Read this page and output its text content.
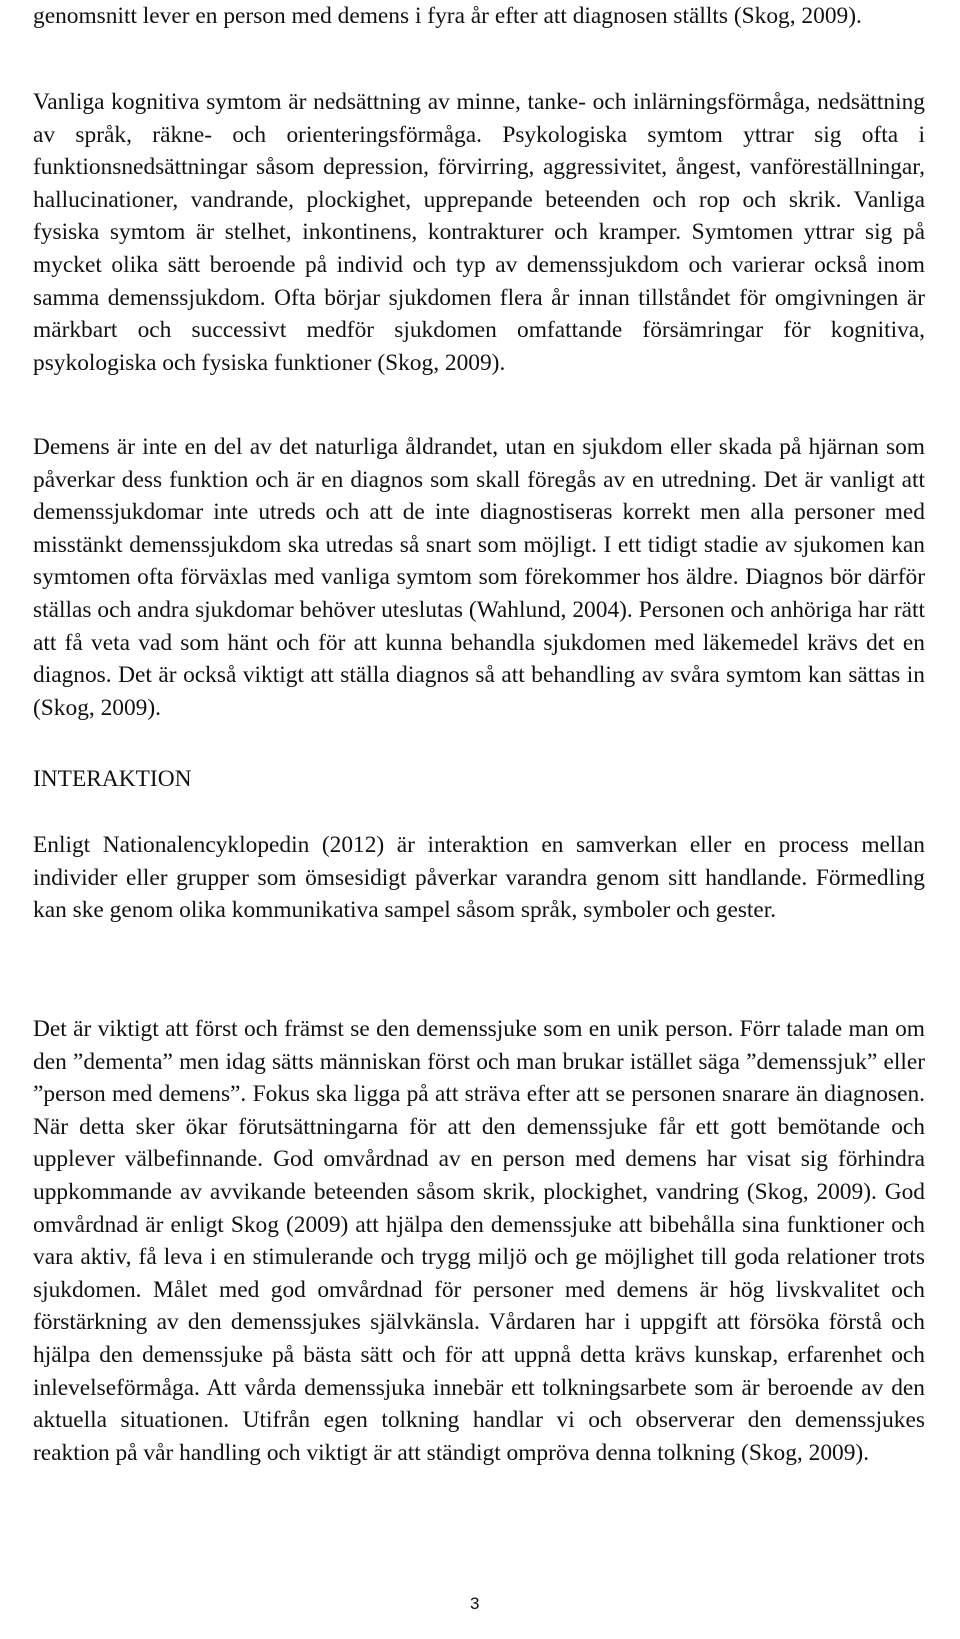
genomsnitt lever en person med demens i fyra år efter att diagnosen ställts (Skog, 2009).

Vanliga kognitiva symtom är nedsättning av minne, tanke- och inlärningsförmåga, nedsättning av språk, räkne- och orienteringsförmåga. Psykologiska symtom yttrar sig ofta i funktionsnedsättningar såsom depression, förvirring, aggressivitet, ångest, vanföreställningar, hallucinationer, vandrande, plockighet, upprepande beteenden och rop och skrik. Vanliga fysiska symtom är stelhet, inkontinens, kontrakturer och kramper. Symtomen yttrar sig på mycket olika sätt beroende på individ och typ av demenssjukdom och varierar också inom samma demenssjukdom. Ofta börjar sjukdomen flera år innan tillståndet för omgivningen är märkbart och successivt medför sjukdomen omfattande försämringar för kognitiva, psykologiska och fysiska funktioner (Skog, 2009).

Demens är inte en del av det naturliga åldrandet, utan en sjukdom eller skada på hjärnan som påverkar dess funktion och är en diagnos som skall föregås av en utredning. Det är vanligt att demenssjukdomar inte utreds och att de inte diagnostiseras korrekt men alla personer med misstänkt demenssjukdom ska utredas så snart som möjligt. I ett tidigt stadie av sjukomen kan symtomen ofta förväxlas med vanliga symtom som förekommer hos äldre. Diagnos bör därför ställas och andra sjukdomar behöver uteslutas (Wahlund, 2004). Personen och anhöriga har rätt att få veta vad som hänt och för att kunna behandla sjukdomen med läkemedel krävs det en diagnos. Det är också viktigt att ställa diagnos så att behandling av svåra symtom kan sättas in (Skog, 2009).

INTERAKTION

Enligt Nationalencyklopedin (2012) är interaktion en samverkan eller en process mellan individer eller grupper som ömsesidigt påverkar varandra genom sitt handlande. Förmedling kan ske genom olika kommunikativa sampel såsom språk, symboler och gester.

Det är viktigt att först och främst se den demenssjuke som en unik person. Förr talade man om den ”dementa” men idag sätts människan först och man brukar istället säga ”demenssjuk” eller ”person med demens”. Fokus ska ligga på att sträva efter att se personen snarare än diagnosen. När detta sker ökar förutsättningarna för att den demenssjuke får ett gott bemötande och upplever välbefinnande. God omvårdnad av en person med demens har visat sig förhindra uppkommande av avvikande beteenden såsom skrik, plockighet, vandring (Skog, 2009). God omvårdnad är enligt Skog (2009) att hjälpa den demenssjuke att bibehålla sina funktioner och vara aktiv, få leva i en stimulerande och trygg miljö och ge möjlighet till goda relationer trots sjukdomen. Målet med god omvårdnad för personer med demens är hög livskvalitet och förstärkning av den demenssjukes självkänsla. Vårdaren har i uppgift att försöka förstå och hjälpa den demenssjuke på bästa sätt och för att uppnå detta krävs kunskap, erfarenhet och inlevelseförmåga. Att vårda demenssjuka innebär ett tolkningsarbete som är beroende av den aktuella situationen. Utifrån egen tolkning handlar vi och observerar den demenssjukes reaktion på vår handling och viktigt är att ständigt ompröva denna tolkning (Skog, 2009).

3
